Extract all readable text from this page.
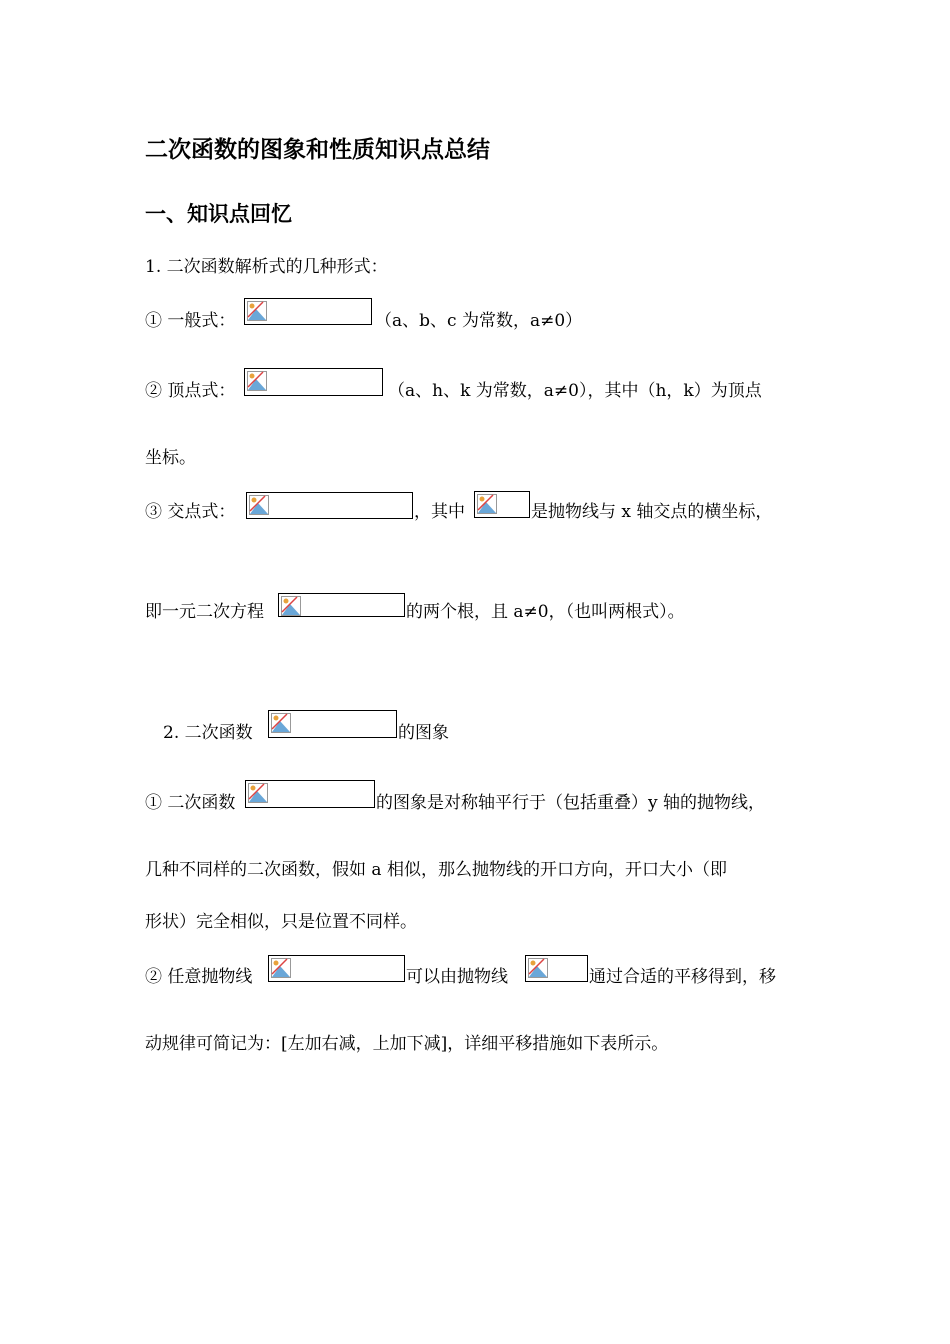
二次函数的图象和性质知识点总结
一、知识点回忆
1. 二次函数解析式的几种形式：
① 一般式：	（a、b、c 为常数，a≠0）
② 顶点式：	（a、h、k 为常数，a≠0），其中（h，k）为顶点
坐标。
③ 交点式：	，其中	是抛物线与 x 轴交点的横坐标，
即一元二次方程	的两个根，且 a≠0，（也叫两根式）。
2. 二次函数	的图象
① 二次函数	的图象是对称轴平行于（包括重叠）y 轴的抛物线，
几种不同样的二次函数，假如 a 相似，那么抛物线的开口方向，开口大小（即
形状）完全相似，只是位置不同样。
② 任意抛物线	可以由抛物线	通过合适的平移得到，移
动规律可简记为：[左加右减，上加下减]，详细平移措施如下表所示。
